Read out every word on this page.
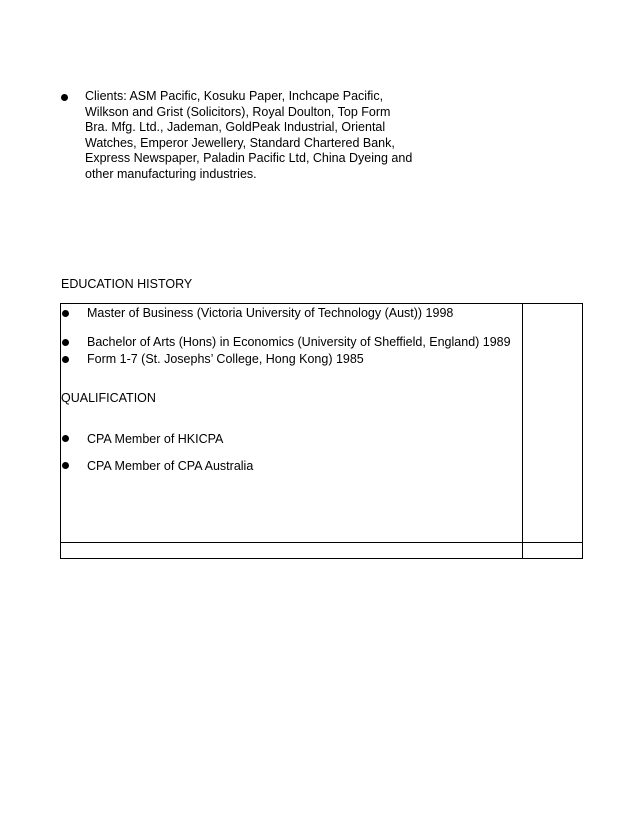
Clients: ASM Pacific, Kosuku Paper, Inchcape Pacific, Wilkson and Grist (Solicitors), Royal Doulton, Top Form Bra. Mfg. Ltd., Jademan, GoldPeak Industrial, Oriental Watches, Emperor Jewellery, Standard Chartered Bank, Express Newspaper, Paladin Pacific Ltd, China Dyeing and other manufacturing industries.
EDUCATION HISTORY
Master of Business (Victoria University of Technology (Aust)) 1998
Bachelor of Arts (Hons) in Economics (University of Sheffield, England) 1989
Form 1-7 (St. Josephs’ College, Hong Kong) 1985
QUALIFICATION
CPA Member of HKICPA
CPA Member of CPA Australia
